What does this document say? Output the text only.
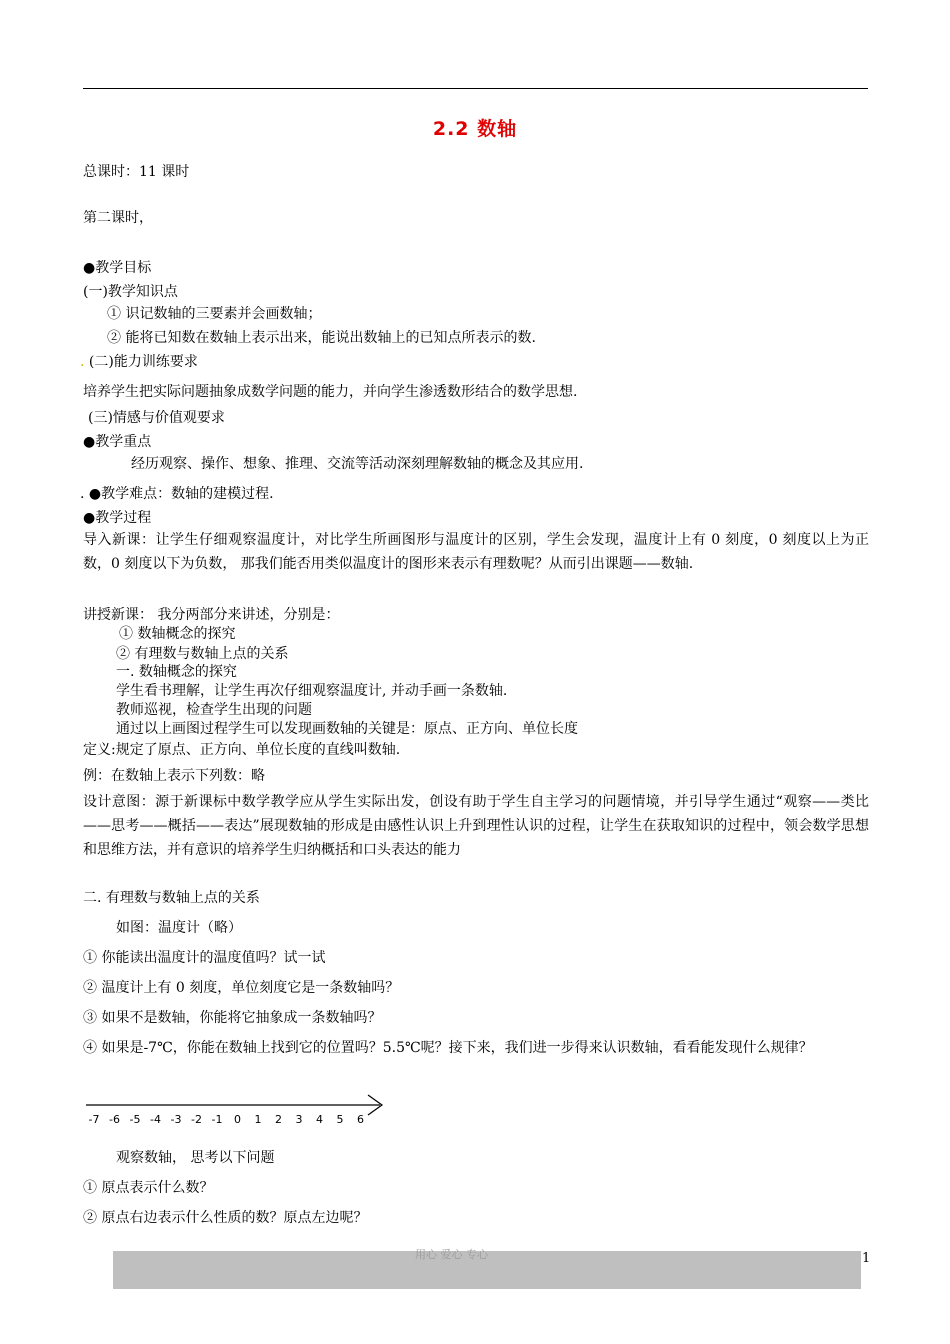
2.2 数轴
总课时：11 课时
第二课时，
●教学目标
(一)教学知识点
① 识记数轴的三要素并会画数轴；
② 能将已知数在数轴上表示出来，能说出数轴上的已知点所表示的数.
. (二)能力训练要求
培养学生把实际问题抽象成数学问题的能力，并向学生渗透数形结合的数学思想.
(三)情感与价值观要求
●教学重点
经历观察、操作、想象、推理、交流等活动深刻理解数轴的概念及其应用.
. ●教学难点：数轴的建模过程.
●教学过程
导入新课：让学生仔细观察温度计，对比学生所画图形与温度计的区别，学生会发现，温度计上有 0 刻度，0 刻度以上为正数，0 刻度以下为负数， 那我们能否用类似温度计的图形来表示有理数呢？从而引出课题——数轴.
讲授新课： 我分两部分来讲述，分别是：
① 数轴概念的探究
② 有理数与数轴上点的关系
一. 数轴概念的探究
学生看书理解，让学生再次仔细观察温度计, 并动手画一条数轴.
教师巡视，检查学生出现的问题
通过以上画图过程学生可以发现画数轴的关键是：原点、正方向、单位长度
定义:规定了原点、正方向、单位长度的直线叫数轴.
例：在数轴上表示下列数：略
设计意图：源于新课标中数学教学应从学生实际出发，创设有助于学生自主学习的问题情境，并引导学生通过“观察——类比——思考——概括——表达”展现数轴的形成是由感性认识上升到理性认识的过程，让学生在获取知识的过程中，领会数学思想和思维方法，并有意识的培养学生归纳概括和口头表达的能力
二. 有理数与数轴上点的关系
如图：温度计（略）
① 你能读出温度计的温度值吗？试一试
② 温度计上有 0 刻度，单位刻度它是一条数轴吗？
③ 如果不是数轴，你能将它抽象成一条数轴吗？
④ 如果是-7℃，你能在数轴上找到它的位置吗？5.5℃呢？接下来，我们进一步得来认识数轴，看看能发现什么规律？
-7 -6 -5 -4 -3 -2 -1 0 1 2 3 4 5 6
观察数轴， 思考以下问题
① 原点表示什么数？
② 原点右边表示什么性质的数？原点左边呢？
用心 爱心 专心	1
